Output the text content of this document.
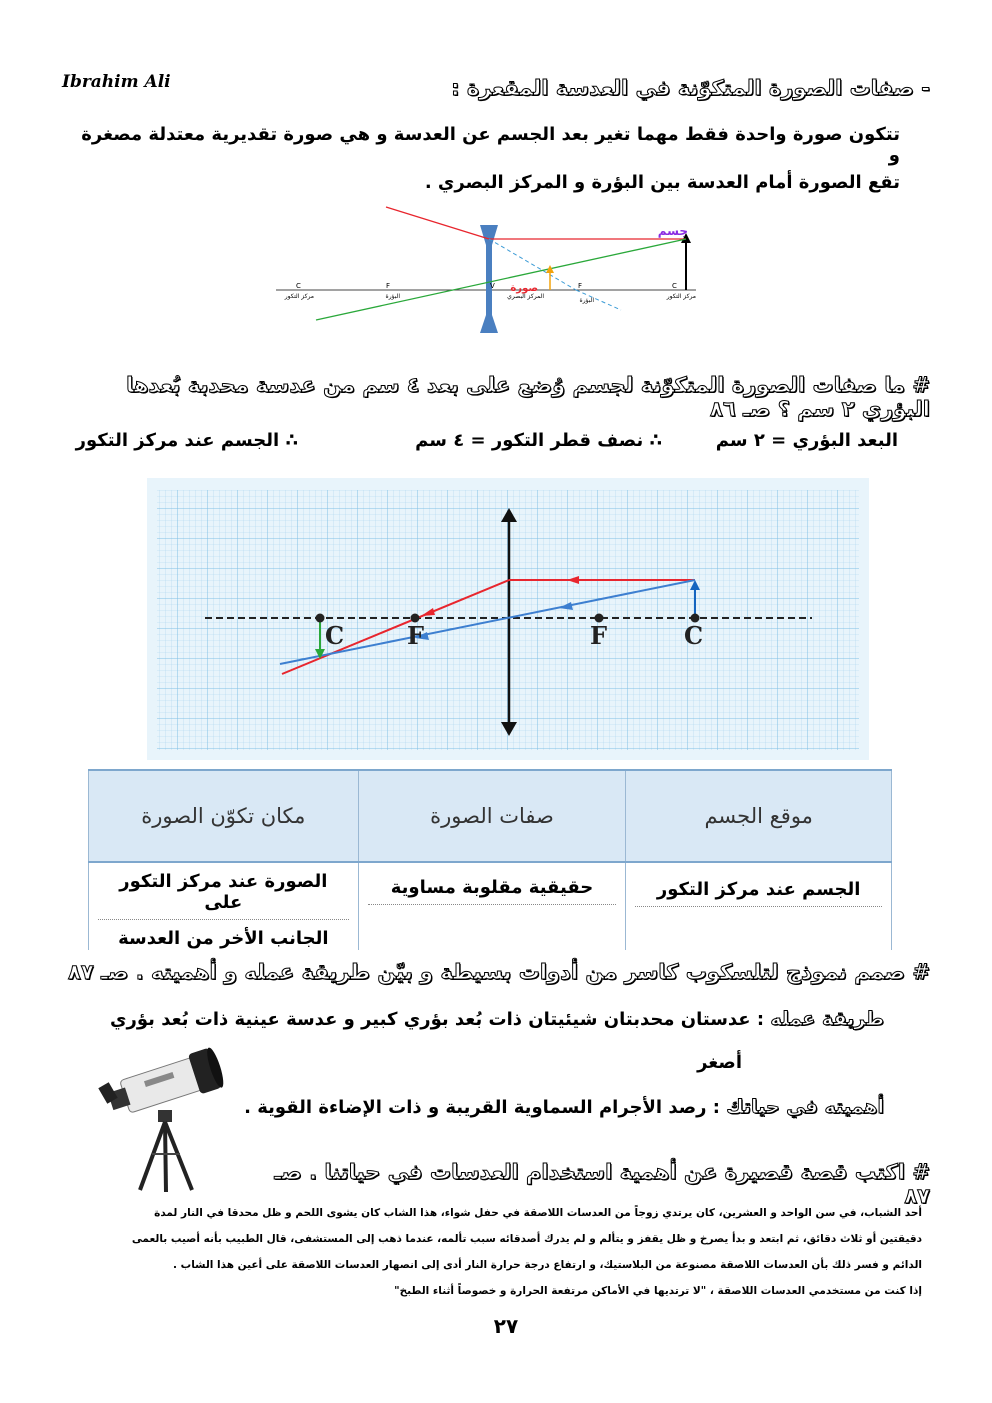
Ibrahim Ali	- صفات الصورة المتكوّنة في العدسة المقعرة :
تتكون صورة واحدة فقط مهما تغير بعد الجسم عن العدسة و هي صورة تقديرية معتدلة مصغرة و
تقع الصورة أمام العدسة بين البؤرة و المركز البصري .
جسم
صورة	C
مركز التكور
F
البؤرة
V
المركز البصري
F
البؤرة
C
مركز التكور
# ما صفات الصورة المتكوّنة لجسم وُضع على بعد ٤ سم من عدسة محدبة بُعدها البؤري ٢ سم ؟ صـ ٨٦
البعد البؤري = ٢ سم
∴ نصف قطر التكور = ٤ سم
∴ الجسم عند مركز التكور
C	F	F	C
موقع الجسم	صفات الصورة	مكان تكوّن الصورة

الجسم عند مركز التكور	حقيقية مقلوبة مساوية	الصورة عند مركز التكور على
الجانب الأخر من العدسة
# صمم نموذج لتلسكوب كاسر من أدوات بسيطة و بيّن طريقة عمله و أهميته . صـ ٨٧
طريقة عمله : عدستان محدبتان شيئيتان ذات بُعد بؤري كبير و عدسة عينية ذات بُعد بؤري
أصغر
أهميته في حياتك : رصد الأجرام السماوية القريبة و ذات الإضاءة القوية .
# اكتب قصة قصيرة عن أهمية استخدام العدسات في حياتنا . صـ ٨٧
أحد الشباب، في سن الواحد و العشرين، كان يرتدي زوجاً من العدسات اللاصقة في حفل شواء، هذا الشاب كان يشوى اللحم و ظل محدقا في النار لمدة
دقيقتين أو ثلاث دقائق، ثم ابتعد و بدأ يصرخ و ظل يقفز و يتألم و لم يدرك أصدقائه سبب تألمه، عندما ذهب إلى المستشفى، قال الطبيب بأنه أصيب بالعمى
الدائم و فسر ذلك بأن العدسات اللاصقة مصنوعة من البلاستيك، و ارتفاع درجة حرارة النار أدى إلى انصهار العدسات اللاصقة على أعين هذا الشاب .
إذا كنت من مستخدمي العدسات اللاصقة ، "لا ترتديها في الأماكن مرتفعة الحرارة و خصوصاً أثناء الطبخ"
٢٧
